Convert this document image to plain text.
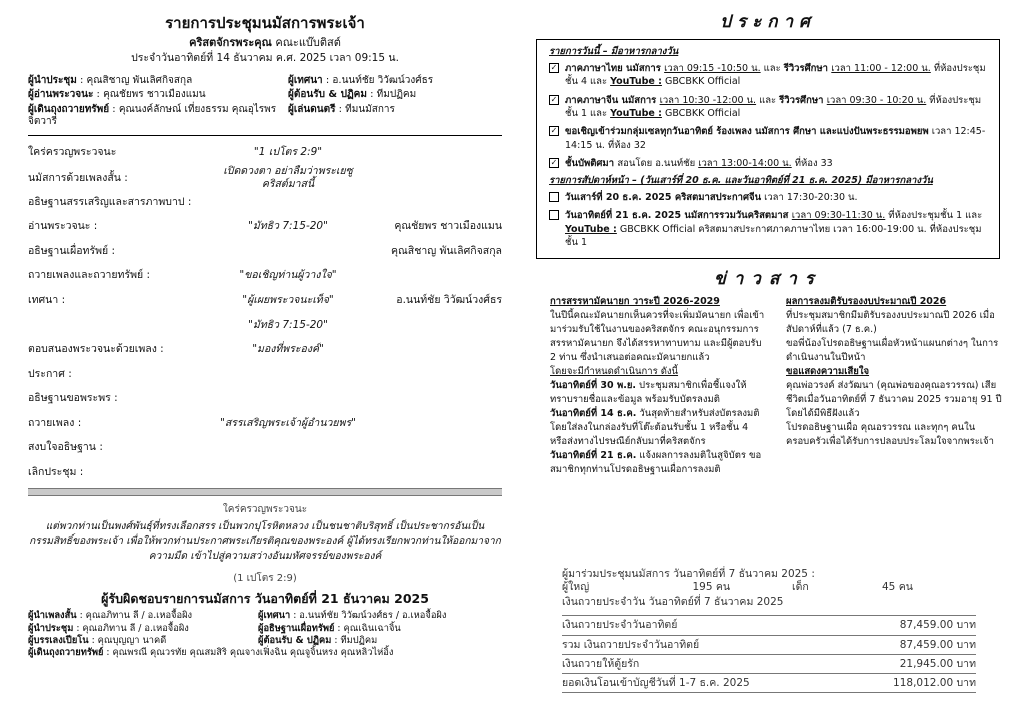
รายการประชุมนมัสการพระเจ้า
คริสตจักรพระคุณ คณะแบ๊บติสต์
ประจำวันอาทิตย์ที่ 14 ธันวาคม ค.ศ. 2025 เวลา 09:15 น.
ผู้นำประชุม : คุณสิชาญ พันเลิศกิจสกุล	ผู้เทศนา : อ.นนท์ชัย วิวัฒน์วงศ์ธร
ผู้อ่านพระวจนะ : คุณชัยพร ชาวเมืองแมน	ผู้ต้อนรับ & ปฏิคม : ทีมปฏิคม
ผู้เดินถุงถวายทรัพย์ : คุณนงค์ลักษณ์ เที่ยงธรรม คุณอุไรพร จิตวารี
ผู้เล่นดนตรี : ทีมนมัสการ
ใคร่ครวญพระวจนะ	"1 เปโตร 2:9"
นมัสการด้วยเพลงสั้น :
เปิดดวงตา อย่าลืมว่าพระเยซู คริสต์มาสนี้
อธิษฐานสรรเสริญและสารภาพบาป :
อ่านพระวจนะ :	"มัทธิว 7:15-20"	คุณชัยพร ชาวเมืองแมน
อธิษฐานเผื่อทรัพย์ :	คุณสิชาญ พันเลิศกิจสกุล
ถวายเพลงและถวายทรัพย์ :	"ขอเชิญท่านผู้วางใจ"
เทศนา :	"ผู้เผยพระวจนะเท็จ"	อ.นนท์ชัย วิวัฒน์วงศ์ธร
"มัทธิว 7:15-20"
ตอบสนองพระวจนะด้วยเพลง :	"มองที่พระองค์"
ประกาศ :
อธิษฐานขอพระพร :
ถวายเพลง :	"สรรเสริญพระเจ้าผู้อำนวยพร"
สงบใจอธิษฐาน :
เลิกประชุม :
ใคร่ครวญพระวจนะ
แต่พวกท่านเป็นพงศ์พันธุ์ที่ทรงเลือกสรร เป็นพวกปุโรหิตหลวง เป็นชนชาติบริสุทธิ์ เป็นประชากรอันเป็นกรรมสิทธิ์ของพระเจ้า เพื่อให้พวกท่านประกาศพระเกียรติคุณของพระองค์ ผู้ได้ทรงเรียกพวกท่านให้ออกมาจากความมืด เข้าไปสู่ความสว่างอันมหัศจรรย์ของพระองค์
(1 เปโตร 2:9)
ผู้รับผิดชอบรายการนมัสการ วันอาทิตย์ที่ 21 ธันวาคม 2025
ผู้นำเพลงสั้น : คุณอภิทาน ลี / อ.เหอจื้อผิง	ผู้เทศนา : อ.นนท์ชัย วิวัฒน์วงศ์ธร / อ.เหอจื้อผิง
ผู้นำประชุม : คุณอภิทาน ลี / อ.เหอจื้อผิง	ผู้อธิษฐานเผื่อทรัพย์ : คุณเฉินเฉาจิ้น
ผู้บรรเลงเปียโน : คุณบุญญา นาคดี	ผู้ต้อนรับ & ปฏิคม : ทีมปฏิคม
ผู้เดินถุงถวายทรัพย์ : คุณพรณี คุณวรทัย คุณสมสิริ คุณจางเฟิ่งฉิน คุณจูจิ้นหรง คุณหลิวไห่อิ้ง
ประกาศ
รายการวันนี้ – มีอาหารกลางวัน
✓ ภาคภาษาไทย นมัสการ เวลา 09:15 -10:50 น. และ รีวิวรศึกษา เวลา 11:00 - 12:00 น. ที่ห้องประชุมชั้น 4 และ YouTube : GBCBKK Official
✓ ภาคภาษาจีน นมัสการ เวลา 10:30 -12:00 น. และ รีวิวรศึกษา เวลา 09:30 - 10:20 น. ที่ห้องประชุมชั้น 1 และ YouTube : GBCBKK Official
✓ ขอเชิญเข้าร่วมกลุ่มเซลทุกวันอาทิตย์ ร้องเพลง นมัสการ ศึกษา และแบ่งปันพระธรรมอพยพ เวลา 12:45-14:15 น. ที่ห้อง 32
✓ ชั้นบัพติศมา สอนโดย อ.นนท์ชัย เวลา 13:00-14:00 น. ที่ห้อง 33
รายการสัปดาห์หน้า – (วันเสาร์ที่ 20 ธ.ค. และวันอาทิตย์ที่ 21 ธ.ค. 2025) มีอาหารกลางวัน
วันเสาร์ที่ 20 ธ.ค. 2025 คริสตมาสประกาศจีน เวลา 17:30-20:30 น.
วันอาทิตย์ที่ 21 ธ.ค. 2025 นมัสการรวมวันคริสตมาส เวลา 09:30-11:30 น. ที่ห้องประชุมชั้น 1 และ YouTube : GBCBKK Official คริสตมาสประกาศภาคภาษาไทย เวลา 16:00-19:00 น. ที่ห้องประชุมชั้น 1
ข่าวสาร

การสรรหามัคนายก วาระปี 2026-2029

ในปีนี้คณะมัคนายกเห็นควรที่จะเพิ่มมัคนายก เพื่อเข้ามาร่วมรับใช้ในงานของคริสตจักร คณะอนุกรรมการสรรหามัคนายก จึงได้สรรหาทาบทาม และมีผู้ตอบรับ 2 ท่าน ซึ่งนำเสนอต่อคณะมัคนายกแล้ว

โดยจะมีกำหนดดำเนินการ ดังนี้

วันอาทิตย์ที่ 30 พ.ย. ประชุมสมาชิกเพื่อชี้แจงให้ทราบรายชื่อและข้อมูล พร้อมรับบัตรลงมติ

วันอาทิตย์ที่ 14 ธ.ค. วันสุดท้ายสำหรับส่งบัตรลงมติโดยใส่ลงในกล่องรับที่โต๊ะต้อนรับชั้น 1 หรือชั้น 4 หรือส่งทางไปรษณีย์กลับมาที่คริสตจักร

วันอาทิตย์ที่ 21 ธ.ค. แจ้งผลการลงมติในสูจิบัตร ขอสมาชิกทุกท่านโปรดอธิษฐานเผื่อการลงมติ

ผลการลงมติรับรองงบประมาณปี 2026

ที่ประชุมสมาชิกมีมติรับรองงบประมาณปี 2026 เมื่อสัปดาห์ที่แล้ว (7 ธ.ค.)

ขอพี่น้องโปรดอธิษฐานเผื่อหัวหน้าแผนกต่างๆ ในการดำเนินงานในปีหน้า

ขอแสดงความเสียใจ

คุณพ่อวรงค์ ส่งวัฒนา (คุณพ่อของคุณอรวรรณ) เสียชีวิตเมื่อวันอาทิตย์ที่ 7 ธันวาคม 2025 รวมอายุ 91 ปี โดยได้มีพิธีฝังแล้ว

โปรดอธิษฐานเผื่อ คุณอรวรรณ และทุกๆ คนในครอบครัวเพื่อได้รับการปลอบประโลมใจจากพระเจ้า

ผู้มาร่วมประชุมนมัสการ วันอาทิตย์ที่ 7 ธันวาคม 2025 :

ผู้ใหญ่	195 คน	เด็ก	45 คน

เงินถวายประจำวัน วันอาทิตย์ที่ 7 ธันวาคม 2025

เงินถวายประจำวันอาทิตย์	87,459.00 บาท
รวม เงินถวายประจำวันอาทิตย์	87,459.00 บาท
เงินถวายให้ตู้ยรัก	21,945.00 บาท
ยอดเงินโอนเข้าบัญชีวันที่ 1-7 ธ.ค. 2025	118,012.00 บาท
